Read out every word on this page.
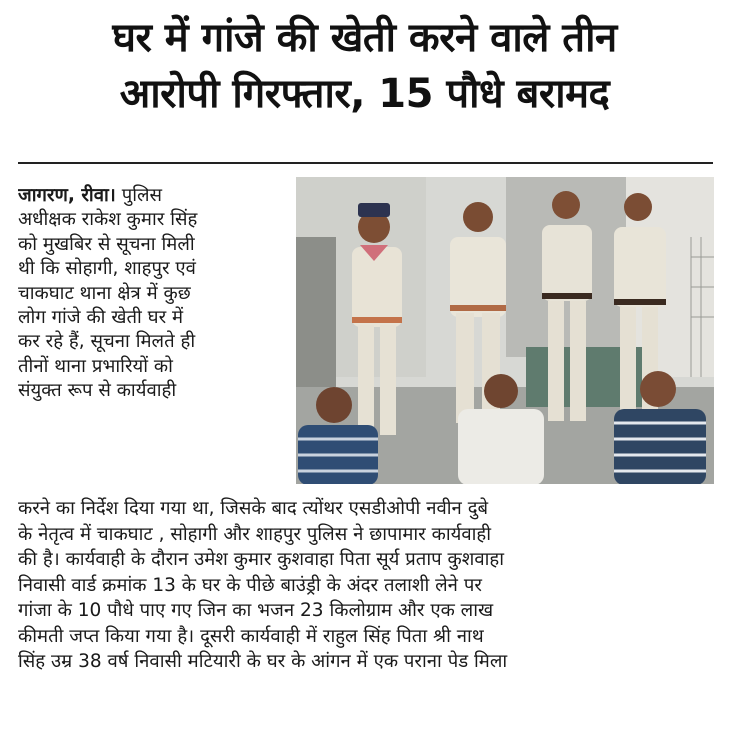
घर में गांजे की खेती करने वाले तीन
आरोपी गिरफ्तार, 15 पौधे बरामद
जागरण, रीवा। पुलिस
अधीक्षक राकेश कुमार सिंह
को मुखबिर से सूचना मिली
थी कि सोहागी, शाहपुर एवं
चाकघाट थाना क्षेत्र में कुछ
लोग गांजे की खेती घर में
कर रहे हैं, सूचना मिलते ही
तीनों थाना प्रभारियों को
संयुक्त रूप से कार्यवाही
करने का निर्देश दिया गया था, जिसके बाद त्योंथर एसडीओपी नवीन दुबे
के नेतृत्व में चाकघाट , सोहागी और शाहपुर पुलिस ने छापामार कार्यवाही
की है। कार्यवाही के दौरान उमेश कुमार कुशवाहा पिता सूर्य प्रताप कुशवाहा
निवासी वार्ड क्रमांक 13 के घर के पीछे बाउंड्री के अंदर तलाशी लेने पर
गांजा के 10 पौधे पाए गए जिन का भजन 23 किलोग्राम और एक लाख
कीमती जप्त किया गया है। दूसरी कार्यवाही में राहुल सिंह पिता श्री नाथ
सिंह उम्र 38 वर्ष निवासी मटियारी के घर के आंगन में एक पराना पेड मिला
